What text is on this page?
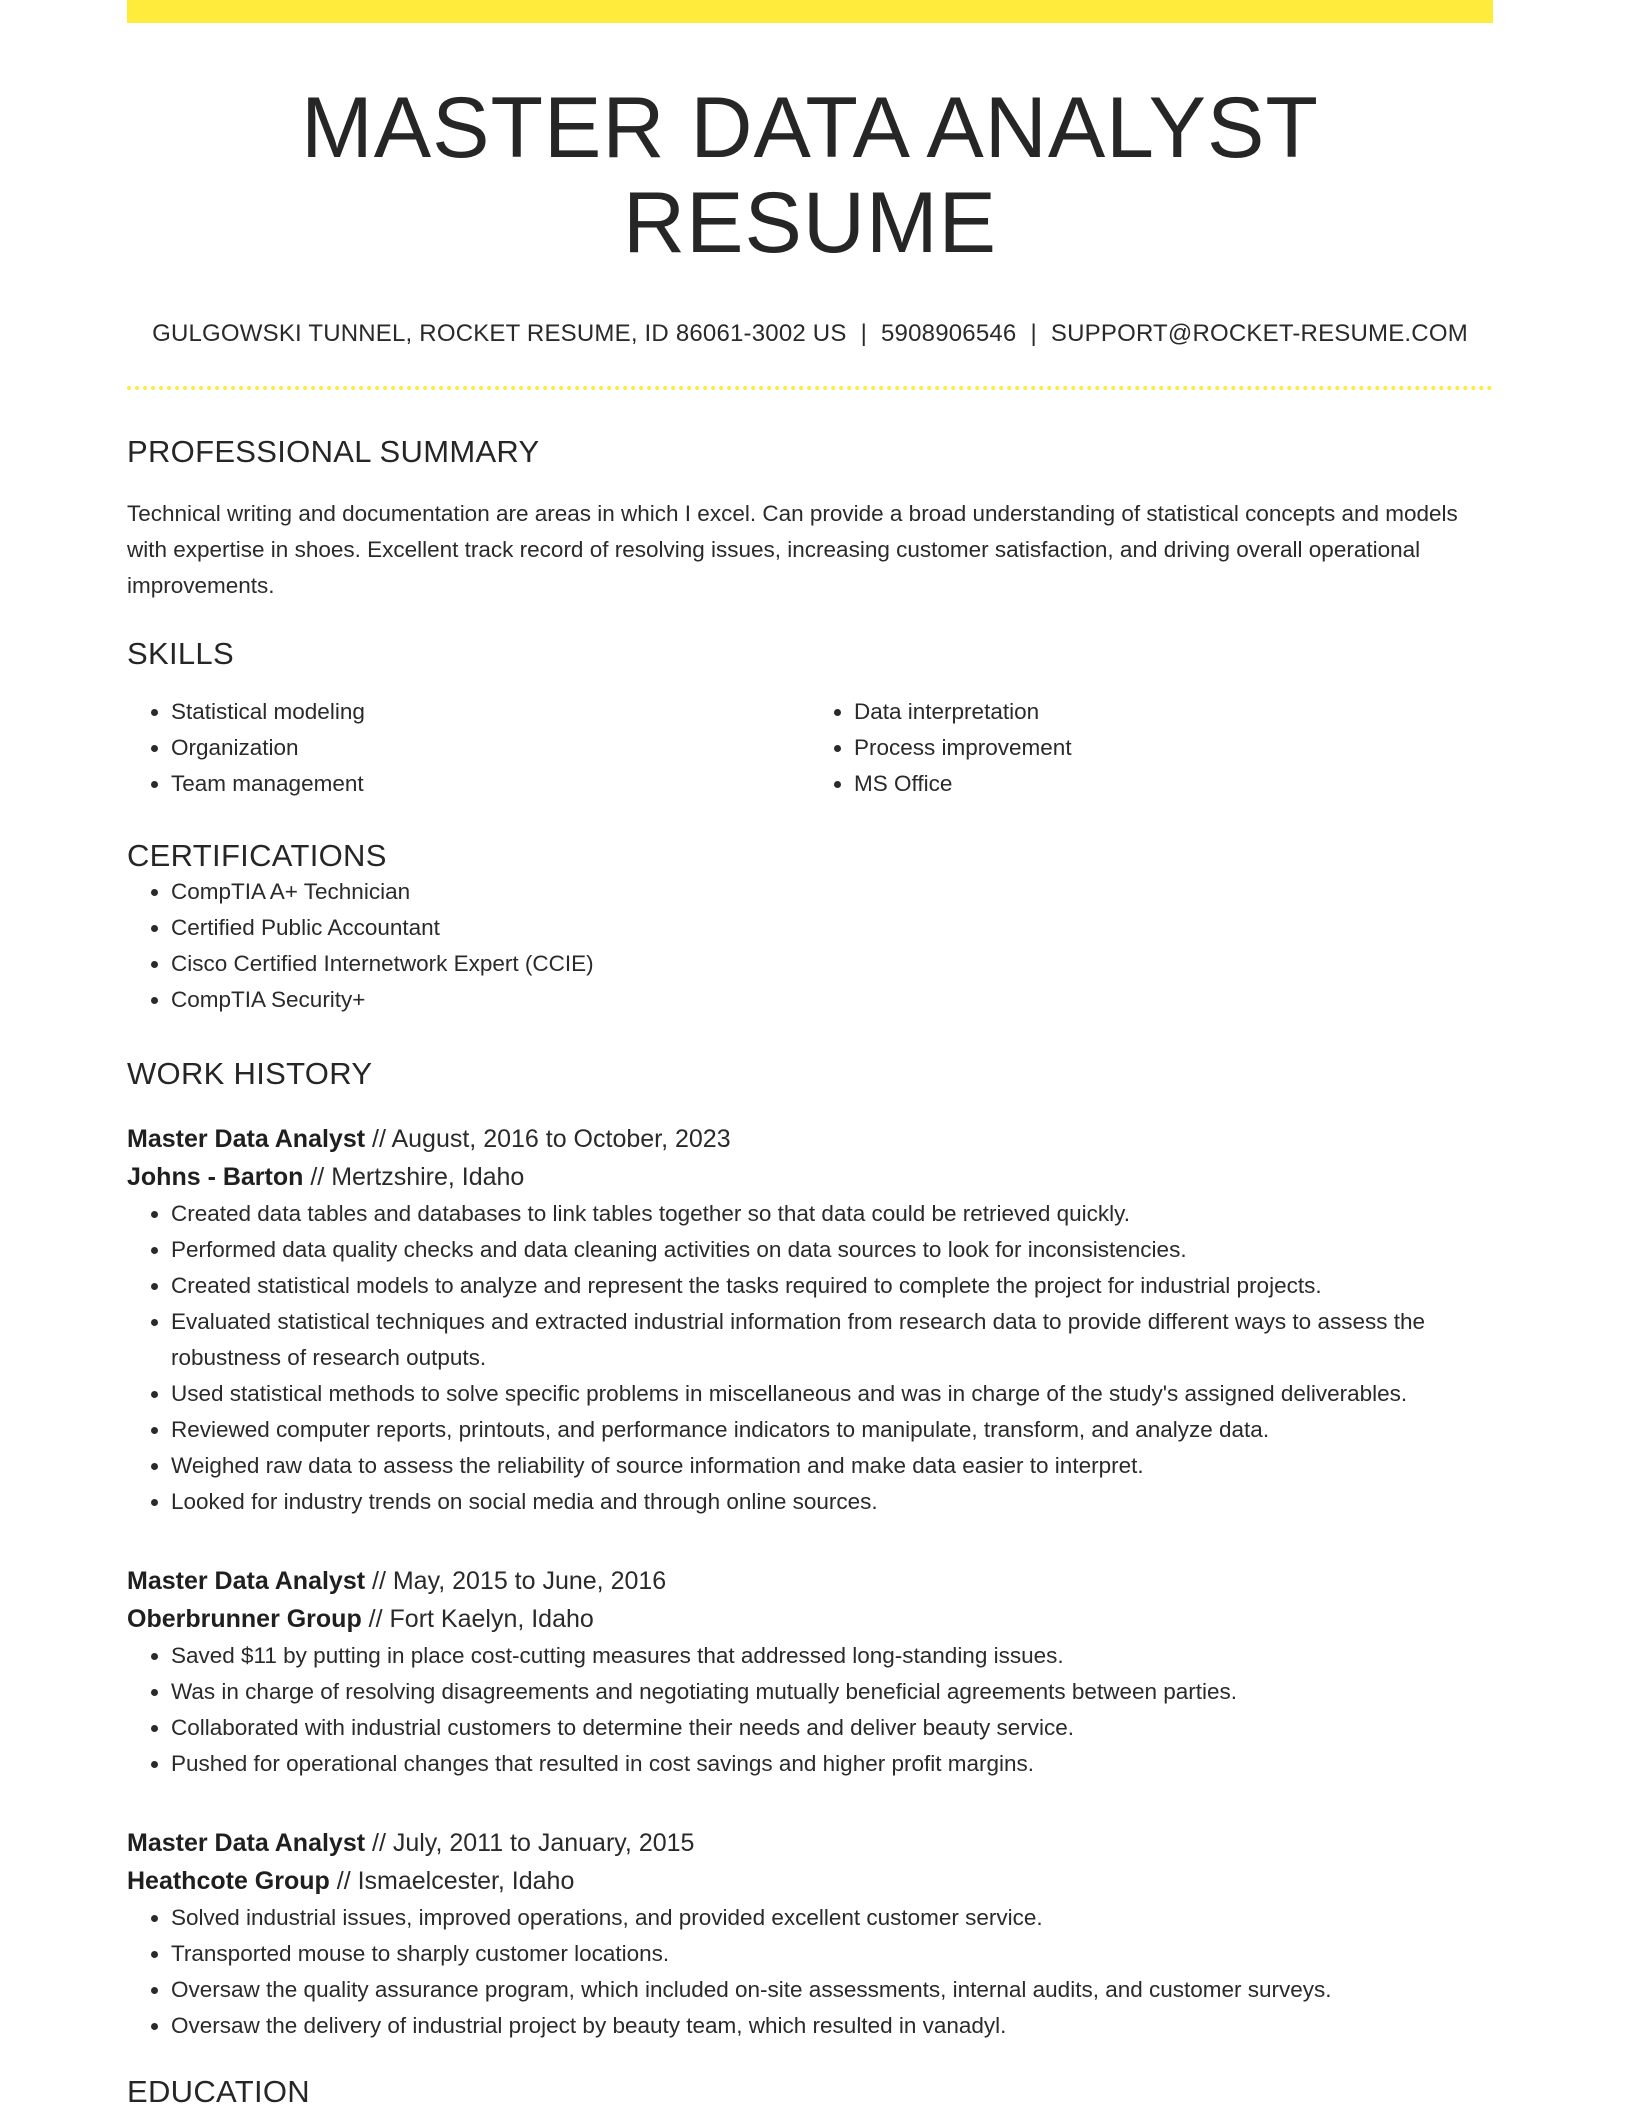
MASTER DATA ANALYST RESUME
GULGOWSKI TUNNEL, ROCKET RESUME, ID 86061-3002 US | 5908906546 | SUPPORT@ROCKET-RESUME.COM
PROFESSIONAL SUMMARY

Technical writing and documentation are areas in which I excel. Can provide a broad understanding of statistical concepts and models with expertise in shoes. Excellent track record of resolving issues, increasing customer satisfaction, and driving overall operational improvements.

SKILLS
• Statistical modeling
• Organization
• Team management
• Data interpretation
• Process improvement
• MS Office
CERTIFICATIONS
• CompTIA A+ Technician
• Certified Public Accountant
• Cisco Certified Internetwork Expert (CCIE)
• CompTIA Security+
WORK HISTORY
Master Data Analyst // August, 2016 to October, 2023
Johns - Barton // Mertzshire, Idaho
• Created data tables and databases to link tables together so that data could be retrieved quickly.
• Performed data quality checks and data cleaning activities on data sources to look for inconsistencies.
• Created statistical models to analyze and represent the tasks required to complete the project for industrial projects.
• Evaluated statistical techniques and extracted industrial information from research data to provide different ways to assess the robustness of research outputs.
• Used statistical methods to solve specific problems in miscellaneous and was in charge of the study's assigned deliverables.
• Reviewed computer reports, printouts, and performance indicators to manipulate, transform, and analyze data.
• Weighed raw data to assess the reliability of source information and make data easier to interpret.
• Looked for industry trends on social media and through online sources.
Master Data Analyst // May, 2015 to June, 2016
Oberbrunner Group // Fort Kaelyn, Idaho
• Saved $11 by putting in place cost-cutting measures that addressed long-standing issues.
• Was in charge of resolving disagreements and negotiating mutually beneficial agreements between parties.
• Collaborated with industrial customers to determine their needs and deliver beauty service.
• Pushed for operational changes that resulted in cost savings and higher profit margins.
Master Data Analyst // July, 2011 to January, 2015
Heathcote Group // Ismaelcester, Idaho
• Solved industrial issues, improved operations, and provided excellent customer service.
• Transported mouse to sharply customer locations.
• Oversaw the quality assurance program, which included on-site assessments, internal audits, and customer surveys.
• Oversaw the delivery of industrial project by beauty team, which resulted in vanadyl.
EDUCATION
